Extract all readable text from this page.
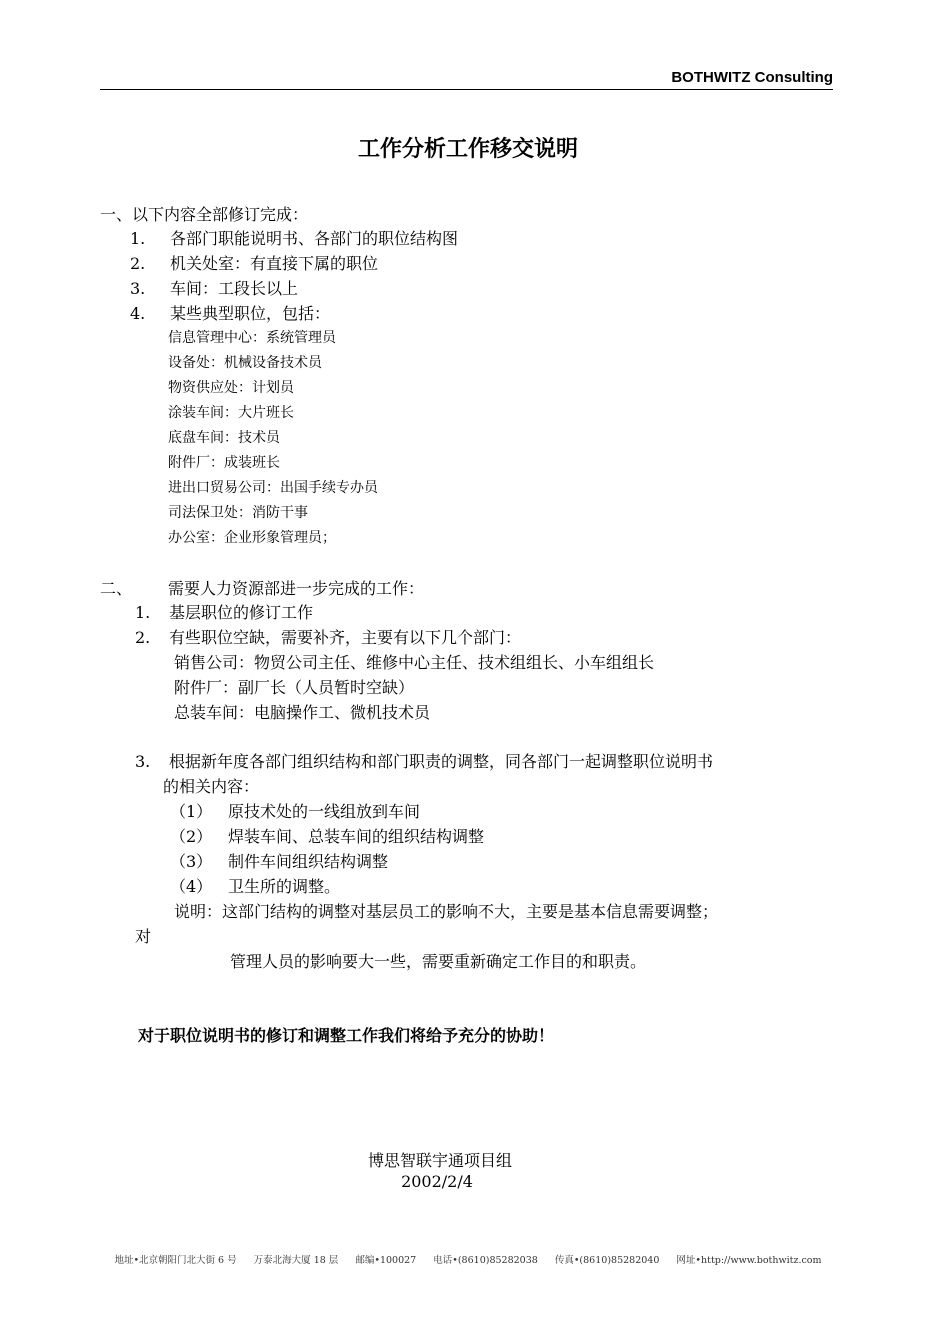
BOTHWITZ Consulting
工作分析工作移交说明
一、以下内容全部修订完成：
1. 各部门职能说明书、各部门的职位结构图
2. 机关处室：有直接下属的职位
3. 车间：工段长以上
4. 某些典型职位，包括：
信息管理中心：系统管理员
设备处：机械设备技术员
物资供应处：计划员
涂装车间：大片班长
底盘车间：技术员
附件厂：成装班长
进出口贸易公司：出国手续专办员
司法保卫处：消防干事
办公室：企业形象管理员；
二、 需要人力资源部进一步完成的工作：
1. 基层职位的修订工作
2. 有些职位空缺，需要补齐，主要有以下几个部门：
销售公司：物贸公司主任、维修中心主任、技术组组长、小车组组长
附件厂：副厂长（人员暂时空缺）
总装车间：电脑操作工、微机技术员
3. 根据新年度各部门组织结构和部门职责的调整，同各部门一起调整职位说明书
的相关内容：
（1） 原技术处的一线组放到车间
（2） 焊装车间、总装车间的组织结构调整
（3） 制件车间组织结构调整
（4） 卫生所的调整。
说明：这部门结构的调整对基层员工的影响不大，主要是基本信息需要调整；
对
管理人员的影响要大一些，需要重新确定工作目的和职责。
对于职位说明书的修订和调整工作我们将给予充分的协助！
博思智联宇通项目组
2002/2/4
地址•北京朝阳门北大街 6 号 万泰北海大厦 18 层 邮编•100027 电话•(8610)85282038 传真•(8610)85282040 网址•http://www.bothwitz.com
